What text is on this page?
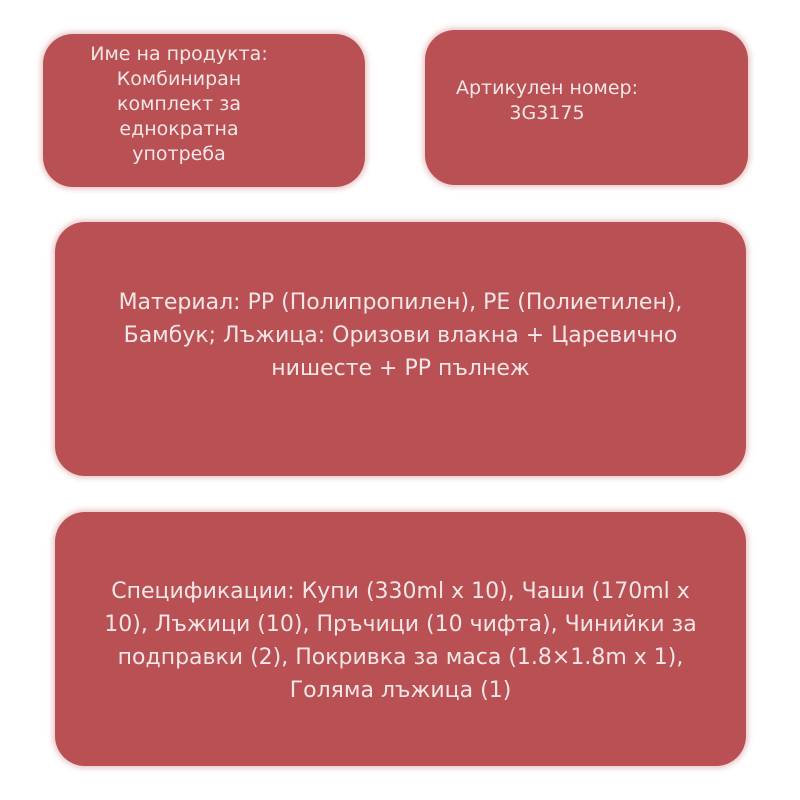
Име на продукта:
Комбиниран
комплект за
еднократна
употреба
Артикулен номер:
3G3175
Материал: PP (Полипропилен), PE (Полиетилен),
Бамбук; Лъжица: Оризови влакна + Царевично
нишесте + PP пълнеж
Спецификации: Купи (330ml x 10), Чаши (170ml x
10), Лъжици (10), Пръчици (10 чифта), Чинийки за
подправки (2), Покривка за маса (1.8×1.8m x 1),
Голяма лъжица (1)
